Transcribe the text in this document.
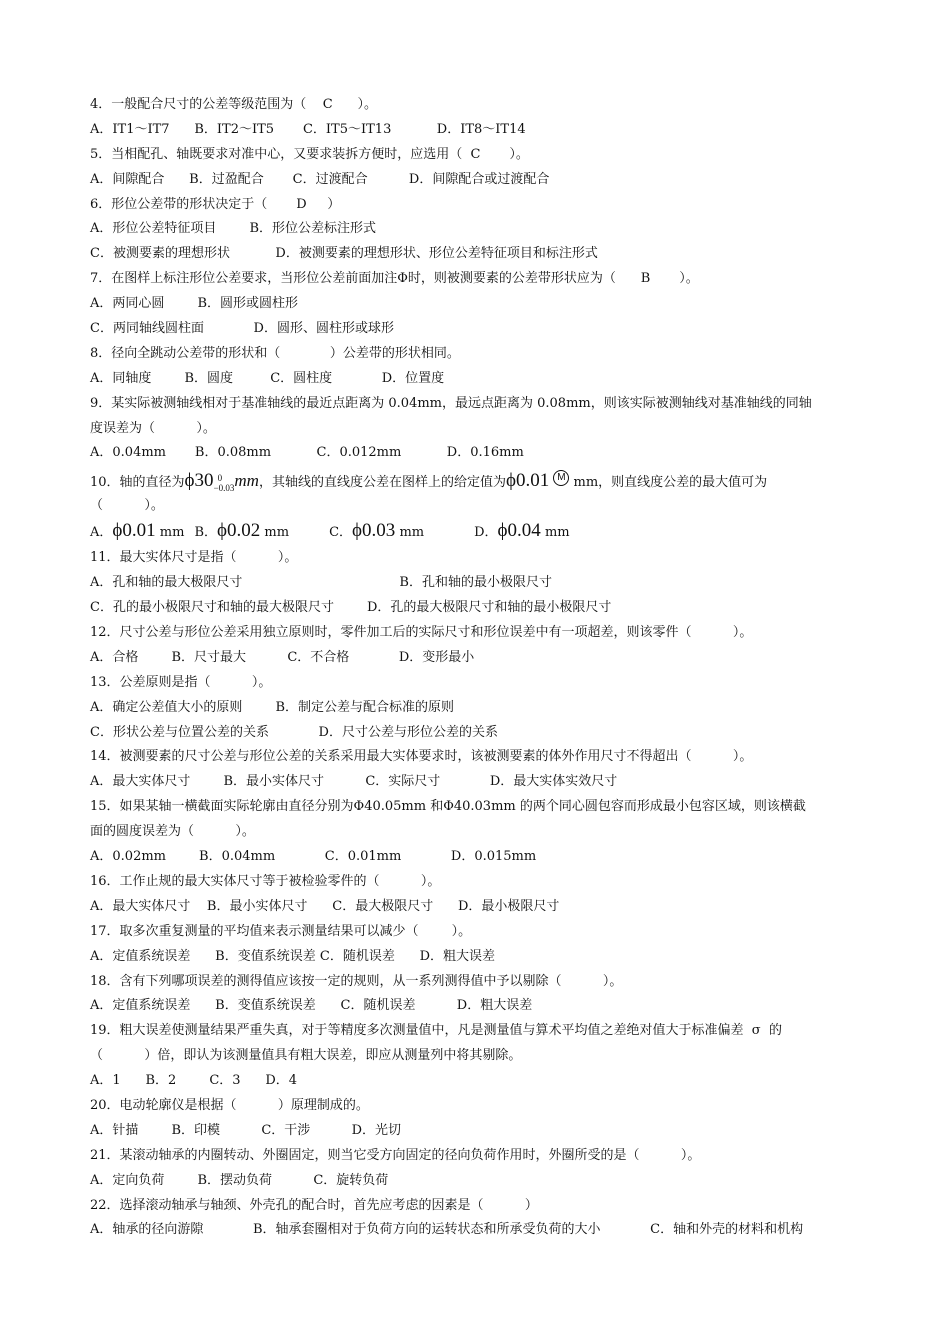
4．一般配合尺寸的公差等级范围为（    C      ）。
A．IT1～IT7      B．IT2～IT5       C．IT5～IT13           D．IT8～IT14
5．当相配孔、轴既要求对准中心，又要求装拆方便时，应选用（  C       ）。
A．间隙配合      B．过盈配合       C．过渡配合          D．间隙配合或过渡配合
6．形位公差带的形状决定于（       D     ）
A．形位公差特征项目        B．形位公差标注形式
C．被测要素的理想形状           D．被测要素的理想形状、形位公差特征项目和标注形式
7．在图样上标注形位公差要求，当形位公差前面加注Φ时，则被测要素的公差带形状应为（      B       ）。
A．两同心圆        B．圆形或圆柱形
C．两同轴线圆柱面            D．圆形、圆柱形或球形
8．径向全跳动公差带的形状和（            ）公差带的形状相同。
A．同轴度        B．圆度         C．圆柱度            D．位置度
9．某实际被测轴线相对于基准轴线的最近点距离为 0.04mm，最远点距离为 0.08mm，则该实际被测轴线对基准轴线的同轴
度误差为（          ）。
A．0.04mm       B．0.08mm           C．0.012mm           D．0.16mm
10．轴的直径为ϕ30 0
−0.03 mm，其轴线的直线度公差在图样上的给定值为ϕ0.01 M mm，则直线度公差的最大值可为
（          ）。
A．ϕ0.01 mm B．ϕ0.02 mm	C．ϕ0.03 mm	D．ϕ0.04 mm
11．最大实体尺寸是指（          ）。
A．孔和轴的最大极限尺寸                                      B．孔和轴的最小极限尺寸
C．孔的最小极限尺寸和轴的最大极限尺寸        D．孔的最大极限尺寸和轴的最小极限尺寸
12．尺寸公差与形位公差采用独立原则时，零件加工后的实际尺寸和形位误差中有一项超差，则该零件（          ）。
A．合格        B．尺寸最大          C．不合格            D．变形最小
13．公差原则是指（          ）。
A．确定公差值大小的原则        B．制定公差与配合标准的原则
C．形状公差与位置公差的关系            D．尺寸公差与形位公差的关系
14．被测要素的尺寸公差与形位公差的关系采用最大实体要求时，该被测要素的体外作用尺寸不得超出（          ）。
A．最大实体尺寸        B．最小实体尺寸          C．实际尺寸            D．最大实体实效尺寸
15．如果某轴一横截面实际轮廓由直径分别为Φ40.05mm 和Φ40.03mm 的两个同心圆包容而形成最小包容区域，则该横截
面的圆度误差为（          ）。
A．0.02mm        B．0.04mm            C．0.01mm            D．0.015mm
16．工作止规的最大实体尺寸等于被检验零件的（          ）。
A．最大实体尺寸    B．最小实体尺寸      C．最大极限尺寸      D．最小极限尺寸
17．取多次重复测量的平均值来表示测量结果可以减少（        ）。
A．定值系统误差      B．变值系统误差 C．随机误差      D．粗大误差
18．含有下列哪项误差的测得值应该按一定的规则，从一系列测得值中予以剔除（          ）。
A．定值系统误差      B．变值系统误差      C．随机误差          D．粗大误差
19．粗大误差使测量结果严重失真，对于等精度多次测量值中，凡是测量值与算术平均值之差绝对值大于标准偏差  σ  的
（          ）倍，即认为该测量值具有粗大误差，即应从测量列中将其剔除。
A．1      B．2        C．3      D．4
20．电动轮廓仪是根据（          ）原理制成的。
A．针描        B．印模          C．干涉          D．光切
21．某滚动轴承的内圈转动、外圈固定，则当它受方向固定的径向负荷作用时，外圈所受的是（          ）。
A．定向负荷        B．摆动负荷          C．旋转负荷
22．选择滚动轴承与轴颈、外壳孔的配合时，首先应考虑的因素是（          ）
A．轴承的径向游隙            B．轴承套圈相对于负荷方向的运转状态和所承受负荷的大小            C．轴和外壳的材料和机构
